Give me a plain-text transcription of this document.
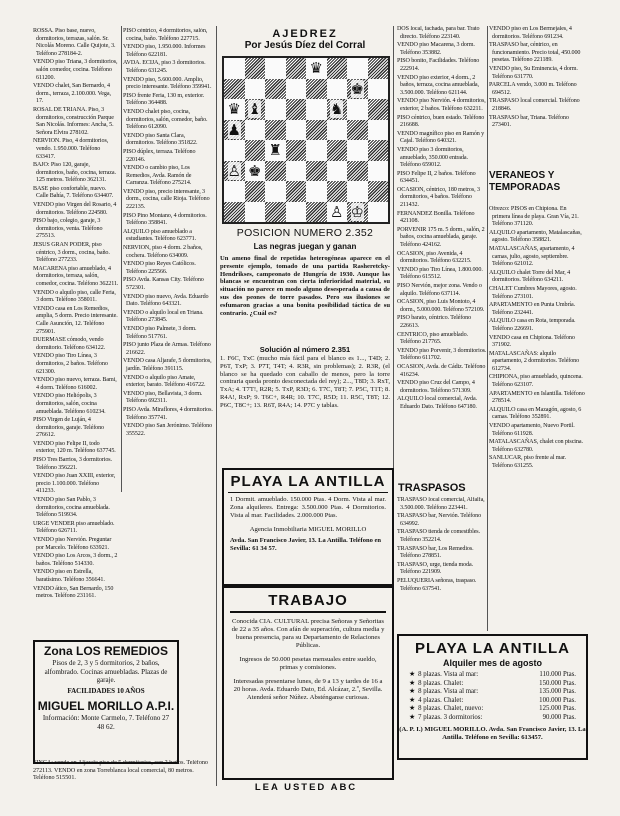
ROSSA. Piso base, nuevo, dormitorios, terrazas, salón. Sr. Nicolás Moreno. Calle Quijote, 3. Teléfono 278184-2.

VENDO piso Triana, 3 dormitorios, salón comedor, cocina. Teléfono 611200.

VENDO chalet, San Bernardo, 4 dorm., terraza, 2.100.000. Vega, 17.

ROSAL DE TRIANA. Piso, 3 dormitorios, construcción Parque San Nicolás. Informes: Ancha, 5. Señora Elvira 278102.

NERVION. Piso, 4 dormitorios, vendo. 1.950.000. Teléfono 633417.

BAJO: Piso 120, garaje, dormitorios, baño, cocina, terraza. 125 metros. Teléfono 362131.

BASE piso confortable, nuevo. Calle Bahía, 7. Teléfono 634407.

VENDO piso Virgen del Rosario, 4 dormitorios. Teléfono 224580.

PISO bajo, colegio, garaje, 3 dormitorios, venta. Teléfono 275513.

JESUS GRAN PODER, piso céntrico, 3 dorm., cocina, baño. Teléfono 277233.

MACARENA piso amueblado, 4 dormitorios, terraza, salón, comedor, cocina. Teléfono 362211.

VENDO o alquilo piso, calle Feria, 3 dorm. Teléfono 358011.

VENDO casa en Los Remedios, amplia, 5 dorm. Precio interesante. Calle Asunción, 12. Teléfono 275901.

DUERMASE cómodo, vendo dormitorio. Teléfono 634122.

VENDO piso Tiro Línea, 3 dormitorios, 2 baños. Teléfono 621300.

VENDO piso nuevo, terraza. Bami, 4 dorm. Teléfono 616002.

VENDO piso Heliópolis, 3 dormitorios, salón, cocina amueblada. Teléfono 610234.

PISO Virgen de Luján, 4 dormitorios, garaje. Teléfono 276612.

VENDO piso Felipe II, todo exterior, 120 m. Teléfono 637745.

PISO Tres Barrios, 3 dormitorios. Teléfono 356221.

VENDO piso Juan XXIII, exterior, precio 1.100.000. Teléfono 411233.

VENDO piso San Pablo, 3 dormitorios, cocina amueblada. Teléfono 519934.

URGE VENDER piso amueblado. Teléfono 626711.

VENDO piso Nervión. Preguntar por Marcelo. Teléfono 633921.

VENDO piso Los Arcos, 3 dorm., 2 baños. Teléfono 514330.

VENDO piso en Estrella, baratísimo. Teléfono 356641.

VENDO ático, San Bernardo, 150 metros. Teléfono 231161.

PISO céntrico, 4 dormitorios, salón, cocina, baño. Teléfono 227715.

VENDO piso, 1.950.000. Informes Teléfono 622181.

AVDA. ECIJA, piso 3 dormitorios. Teléfono 631245.

VENDO piso, 5.600.000. Amplio, precio interesante. Teléfono 359941.

PISO frente Feria, 130 m, exterior. Teléfono 364488.

VENDO chalet piso, cocina, dormitorios, salón, comedor, baño. Teléfono 612090.

VENDO piso Santa Clara, dormitorios. Teléfono 351822.

PISO dúplex, terraza. Teléfono 220146.

VENDO o cambio piso, Los Remedios, Avda. Ramón de Carranza. Teléfono 275214.

VENDO piso, precio interesante, 3 dorm., cocina, calle Rioja. Teléfono 222135.

PISO Pino Montano, 4 dormitorios. Teléfono 358841.

ALQUILO piso amueblado a estudiantes. Teléfono 623771.

NERVION, piso 4 dorm. 2 baños, cochera. Teléfono 634009.

VENDO piso Reyes Católicos. Teléfono 225566.

PISO Avda. Kansas City. Teléfono 572301.

VENDO piso nuevo, Avda. Eduardo Dato. Teléfono 643321.

VENDO o alquilo local en Triana. Teléfono 273845.

VENDO piso Palmete, 3 dorm. Teléfono 517761.

PISO junto Plaza de Armas. Teléfono 216622.

VENDO casa Aljarafe, 5 dormitorios, jardín. Teléfono 391115.

VENDO o alquilo piso Amate, exterior, barato. Teléfono 416722.

VENDO piso, Bellavista, 3 dorm. Teléfono 692311.

PISO Avda. Miraflores, 4 dormitorios. Teléfono 357741.

VENDO piso San Jerónimo. Teléfono 355522.

AJEDREZ
Por Jesús Díez del Corral
♛
♚
♛ ♝	♞
♟
♜
♙ ♚
♙ ♔
POSICION NUMERO 2.352
Las negras juegan y ganan
Un ameno final de repetidas heterogéneas aparece en el presente ejemplo, tomado de una partida Rasheretcky-Hendrikses, campeonato de Hungría de 1930. Aunque las blancas se encuentran con cierta inferioridad material, su situación no parece en modo alguno desesperada a causa de sus dos peones de torre pasados. Pero sus ilusiones se esfumaron gracias a una bonita posibilidad táctica de su contrario. ¿Cuál es?
Solución al número 2.351
1. F6C, TxC (mucho más fácil para el blanco es 1..., T4D; 2. P6T, TxP; 3. P7T, T4T; 4. R3R, sin problemas); 2. R3R, (el blanco se ha quedado con caballo de menos, pero la torre contraria queda pronto desconectada del rey); 2..., T8D; 3. RxT, TxA; 4. T7T!, R2R; 5. TxP, R3D; 6. T7C, T8T; 7. P5C, T1T; 8. R4A!, RxP; 9. T6C+, R4R; 10. T7C, R5D; 11. R5C, T8T; 12. P6C, T8C+; 13. R6T, R4A; 14. P7C y tablas.
PLAYA LA ANTILLA
1 Dormit. amueblado. 150.000 Ptas. 4 Dorm. Vista al mar. Zona alquileres. Entrega: 3.500.000 Ptas. 4 Dormitorios. Vista al mar. Facilidades. 2.000.000 Ptas.
Agencia Inmobiliaria MIGUEL MORILLO
Avda. San Francisco Javier, 13. La Antilla. Teléfono en Sevilla: 61 34 57.
TRABAJO
Conocida CIA. CULTURAL precisa Señoras y Señoritas de 22 a 35 años. Con afán de superación, cultura media y buena presencia, para su Departamento de Relaciones Públicas.
Ingresos de 50.000 pesetas mensuales entre sueldo, primas y comisiones.
Interesadas presentarse lunes, de 9 a 13 y tardes de 16 a 20 horas. Avda. Eduardo Dato, Ed. Alcázar, 2.º, Sevilla. Atenderá señor Núñez. Absténganse curiosas.
LEA USTED ABC
Zona LOS REMEDIOS
Pisos de 2, 3 y 5 dormitorios, 2 baños, alfombrado. Cocinas amuebladas. Plazas de garaje.
FACILIDADES 10 AÑOS
MIGUEL MORILLO A.P.I.
Información: Monte Carmelo, 7. Teléfono 27 48 62.
FINCA: vendo en Aljarafe piso de 5 dormitorios, con 2 baños. Teléfono 272113. VENDO en zona Torreblanca local comercial, 80 metros. Teléfono 515501.

DOS local, fachada, para bar. Trato directo. Teléfono 223140.

VENDO piso Macarena, 3 dorm. Teléfono 353882.

PISO bonito, Facilidades. Teléfono 222914.

VENDO piso exterior, 4 dorm., 2 baños, terraza, cocina amueblada, 3.500.000. Teléfono 621144.

VENDO piso Nervión. 4 dormitorios, exterior, 2 baños. Teléfono 632211.

PISO céntrico, buen estado. Teléfono 216688.

VENDO magnífico piso en Ramón y Cajal. Teléfono 640321.

VENDO piso 3 dormitorios, amueblado, 350.000 entrada. Teléfono 659012.

PISO Felipe II, 2 baños. Teléfono 634451.

OCASION, céntrico, 180 metros, 3 dormitorios, 4 baños. Teléfono 211432.

FERNANDEZ Bonilla. Teléfono 421108.

PORVENIR 175 m. 5 dorm., salón, 2 baños, cocina amueblada, garaje. Teléfono 424162.

OCASION, piso Avenida, 4 dormitorios. Teléfono 632215.

VENDO piso Tiro Línea, 1.800.000. Teléfono 615512.

PISO Nervión, mejor zona. Vendo o alquilo. Teléfono 637114.

OCASION, piso Luis Montoto, 4 dorm., 5.000.000. Teléfono 572109.

PISO barato, céntrico. Teléfono 226613.

CENTRICO, piso amueblado. Teléfono 217765.

VENDO piso Porvenir, 3 dormitorios. Teléfono 611702.

OCASION, Avda. de Cádiz. Teléfono 416234.

VENDO piso Cruz del Campo, 4 dormitorios. Teléfono 571309.

ALQUILO local comercial, Avda. Eduardo Dato. Teléfono 647180.

TRASPASOS

TRASPASO local comercial, Alfalfa, 3.500.000. Teléfono 223441.

TRASPASO bar, Nervión. Teléfono 634992.

TRASPASO tienda de comestibles. Teléfono 352214.

TRASPASO bar, Los Remedios. Teléfono 278851.

TRASPASO, urge, tienda moda. Teléfono 221909.

PELUQUERIA señoras, traspaso. Teléfono 637541.

VENDO piso en Los Bermejales, 4 dormitorios. Teléfono 691234.

TRASPASO bar, céntrico, en funcionamiento. Precio total, 450.000 pesetas. Teléfono 221189.

VENDO piso, Su Eminencia, 4 dorm. Teléfono 631770.

PARCELA vendo, 3.000 m. Teléfono 694512.

TRASPASO local comercial. Teléfono 218846.

TRASPASO bar, Triana. Teléfono 273401.

VERANEOS Y TEMPORADAS

Ofrezco: PISOS en Chipiona. En primera línea de playa. Gran Vía, 21. Teléfono 371120.

ALQUILO apartamento, Matalascañas, agosto. Teléfono 358821.

MATALASCAÑAS, apartamento, 4 camas, julio, agosto, septiembre. Teléfono 621012.

ALQUILO chalet Torre del Mar, 4 dormitorios. Teléfono 634211.

CHALET Cumbres Mayores, agosto. Teléfono 273101.

APARTAMENTO en Punta Umbría. Teléfono 232441.

ALQUILO casa en Rota, temporada. Teléfono 226691.

VENDO casa en Chipiona. Teléfono 371902.

MATALASCAÑAS: alquilo apartamento, 2 dormitorios. Teléfono 612734.

CHIPIONA, piso amueblado, quincena. Teléfono 623107.

APARTAMENTO en Islantilla. Teléfono 278514.

ALQUILO casa en Mazagón, agosto, 6 camas. Teléfono 352891.

VENDO apartamento, Nuevo Portil. Teléfono 611928.

MATALASCAÑAS, chalet con piscina. Teléfono 632780.

SANLUCAR, piso frente al mar. Teléfono 631255.

PLAYA LA ANTILLA
Alquiler mes de agosto
★ 8 plazas. Vista al mar:	110.000 Ptas.
★ 8 plazas. Chalet:	150.000 Ptas.
★ 8 plazas. Vista al mar:	135.000 Ptas.
★ 4 plazas. Chalet:	100.000 Ptas.
★ 8 plazas. Chalet, nuevo:	125.000 Ptas.
★ 7 plazas. 3 dormitorios:	90.000 Ptas.
(A. P. I.) MIGUEL MORILLO. Avda. San Francisco Javier, 13. La Antilla. Teléfono en Sevilla: 613457.
